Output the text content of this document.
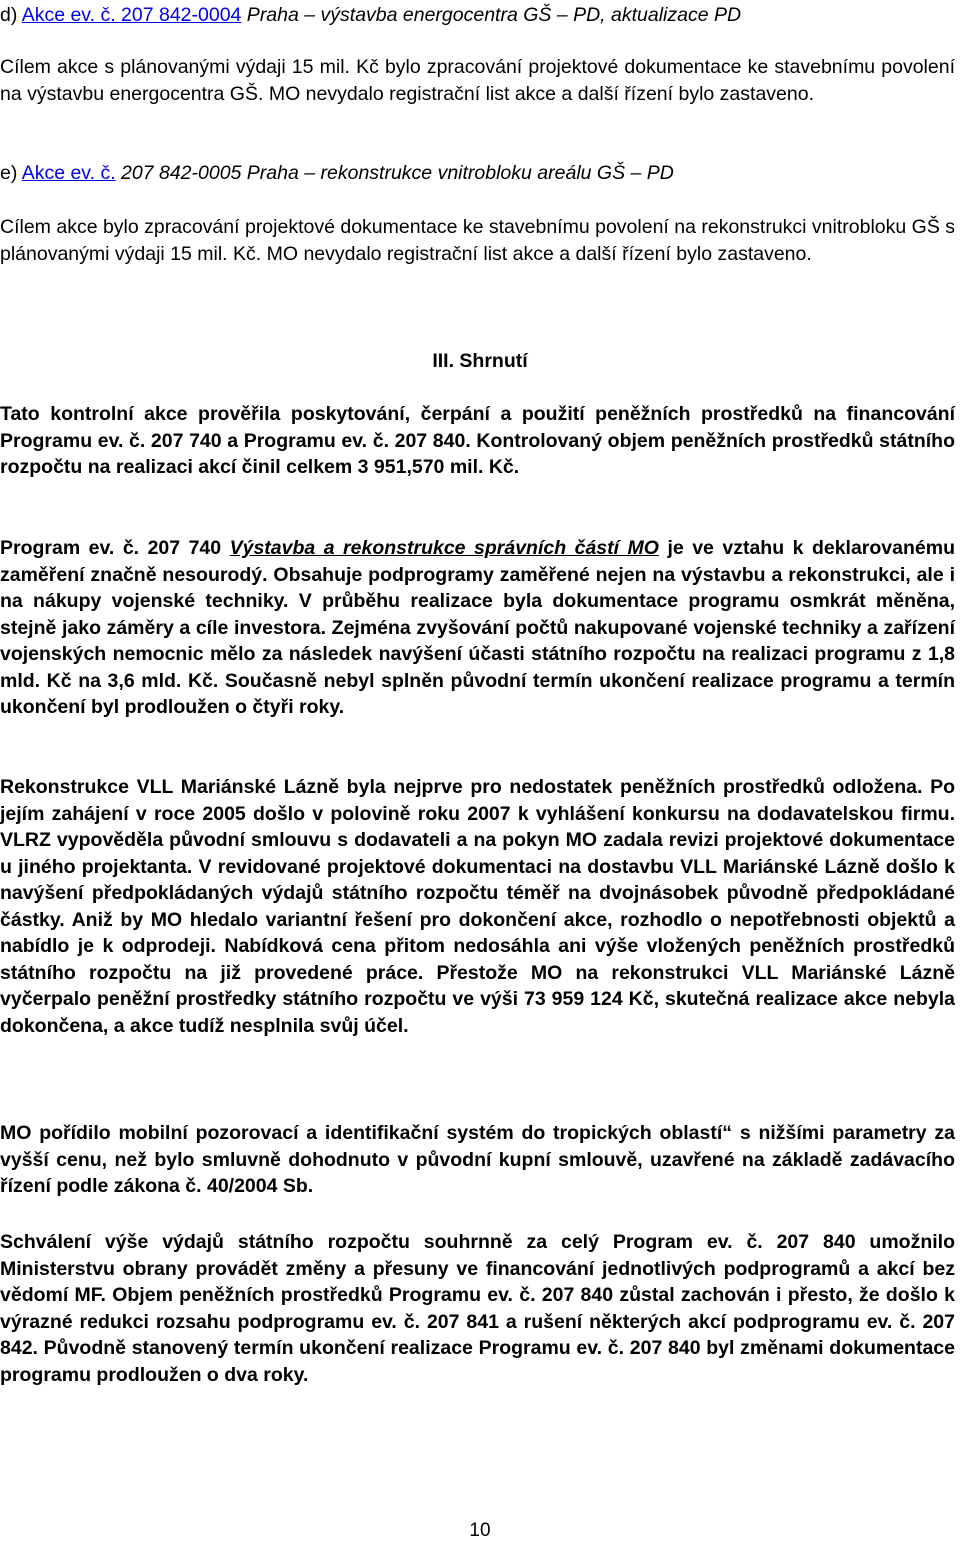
d) Akce ev. č. 207 842-0004 Praha – výstavba energocentra GŠ – PD, aktualizace PD
Cílem akce s plánovanými výdaji 15 mil. Kč bylo zpracování projektové dokumentace ke stavebnímu povolení na výstavbu energocentra GŠ. MO nevydalo registrační list akce a další řízení bylo zastaveno.
e) Akce ev. č. 207 842-0005 Praha – rekonstrukce vnitrobloku areálu GŠ – PD
Cílem akce bylo zpracování projektové dokumentace ke stavebnímu povolení na rekonstrukci vnitrobloku GŠ s plánovanými výdaji 15 mil. Kč. MO nevydalo registrační list akce a další řízení bylo zastaveno.
III. Shrnutí
Tato kontrolní akce prověřila poskytování, čerpání a použití peněžních prostředků na financování Programu ev. č. 207 740 a Programu ev. č. 207 840. Kontrolovaný objem peněžních prostředků státního rozpočtu na realizaci akcí činil celkem 3 951,570 mil. Kč.
Program ev. č. 207 740 Výstavba a rekonstrukce správních částí MO je ve vztahu k deklarovanému zaměření značně nesourodý. Obsahuje podprogramy zaměřené nejen na výstavbu a rekonstrukci, ale i na nákupy vojenské techniky. V průběhu realizace byla dokumentace programu osmkrát měněna, stejně jako záměry a cíle investora. Zejména zvyšování počtů nakupované vojenské techniky a zařízení vojenských nemocnic mělo za následek navýšení účasti státního rozpočtu na realizaci programu z 1,8 mld. Kč na 3,6 mld. Kč. Současně nebyl splněn původní termín ukončení realizace programu a termín ukončení byl prodloužen o čtyři roky.
Rekonstrukce VLL Mariánské Lázně byla nejprve pro nedostatek peněžních prostředků odložena. Po jejím zahájení v roce 2005 došlo v polovině roku 2007 k vyhlášení konkursu na dodavatelskou firmu. VLRZ vypověděla původní smlouvu s dodavateli a na pokyn MO zadala revizi projektové dokumentace u jiného projektanta. V revidované projektové dokumentaci na dostavbu VLL Mariánské Lázně došlo k navýšení předpokládaných výdajů státního rozpočtu téměř na dvojnásobek původně předpokládané částky. Aniž by MO hledalo variantní řešení pro dokončení akce, rozhodlo o nepotřebnosti objektů a nabídlo je k odprodeji. Nabídková cena přitom nedosáhla ani výše vložených peněžních prostředků státního rozpočtu na již provedené práce. Přestože MO na rekonstrukci VLL Mariánské Lázně vyčerpalo peněžní prostředky státního rozpočtu ve výši 73 959 124 Kč, skutečná realizace akce nebyla dokončena, a akce tudíž nesplnila svůj účel.
MO pořídilo mobilní pozorovací a identifikační systém do tropických oblastí“ s nižšími parametry za vyšší cenu, než bylo smluvně dohodnuto v původní kupní smlouvě, uzavřené na základě zadávacího řízení podle zákona č. 40/2004 Sb.
Schválení výše výdajů státního rozpočtu souhrnně za celý Program ev. č. 207 840 umožnilo Ministerstvu obrany provádět změny a přesuny ve financování jednotlivých podprogramů a akcí bez vědomí MF. Objem peněžních prostředků Programu ev. č. 207 840 zůstal zachován i přesto, že došlo k výrazné redukci rozsahu podprogramu ev. č. 207 841 a rušení některých akcí podprogramu ev. č. 207 842. Původně stanovený termín ukončení realizace Programu ev. č. 207 840 byl změnami dokumentace programu prodloužen o dva roky.
10
